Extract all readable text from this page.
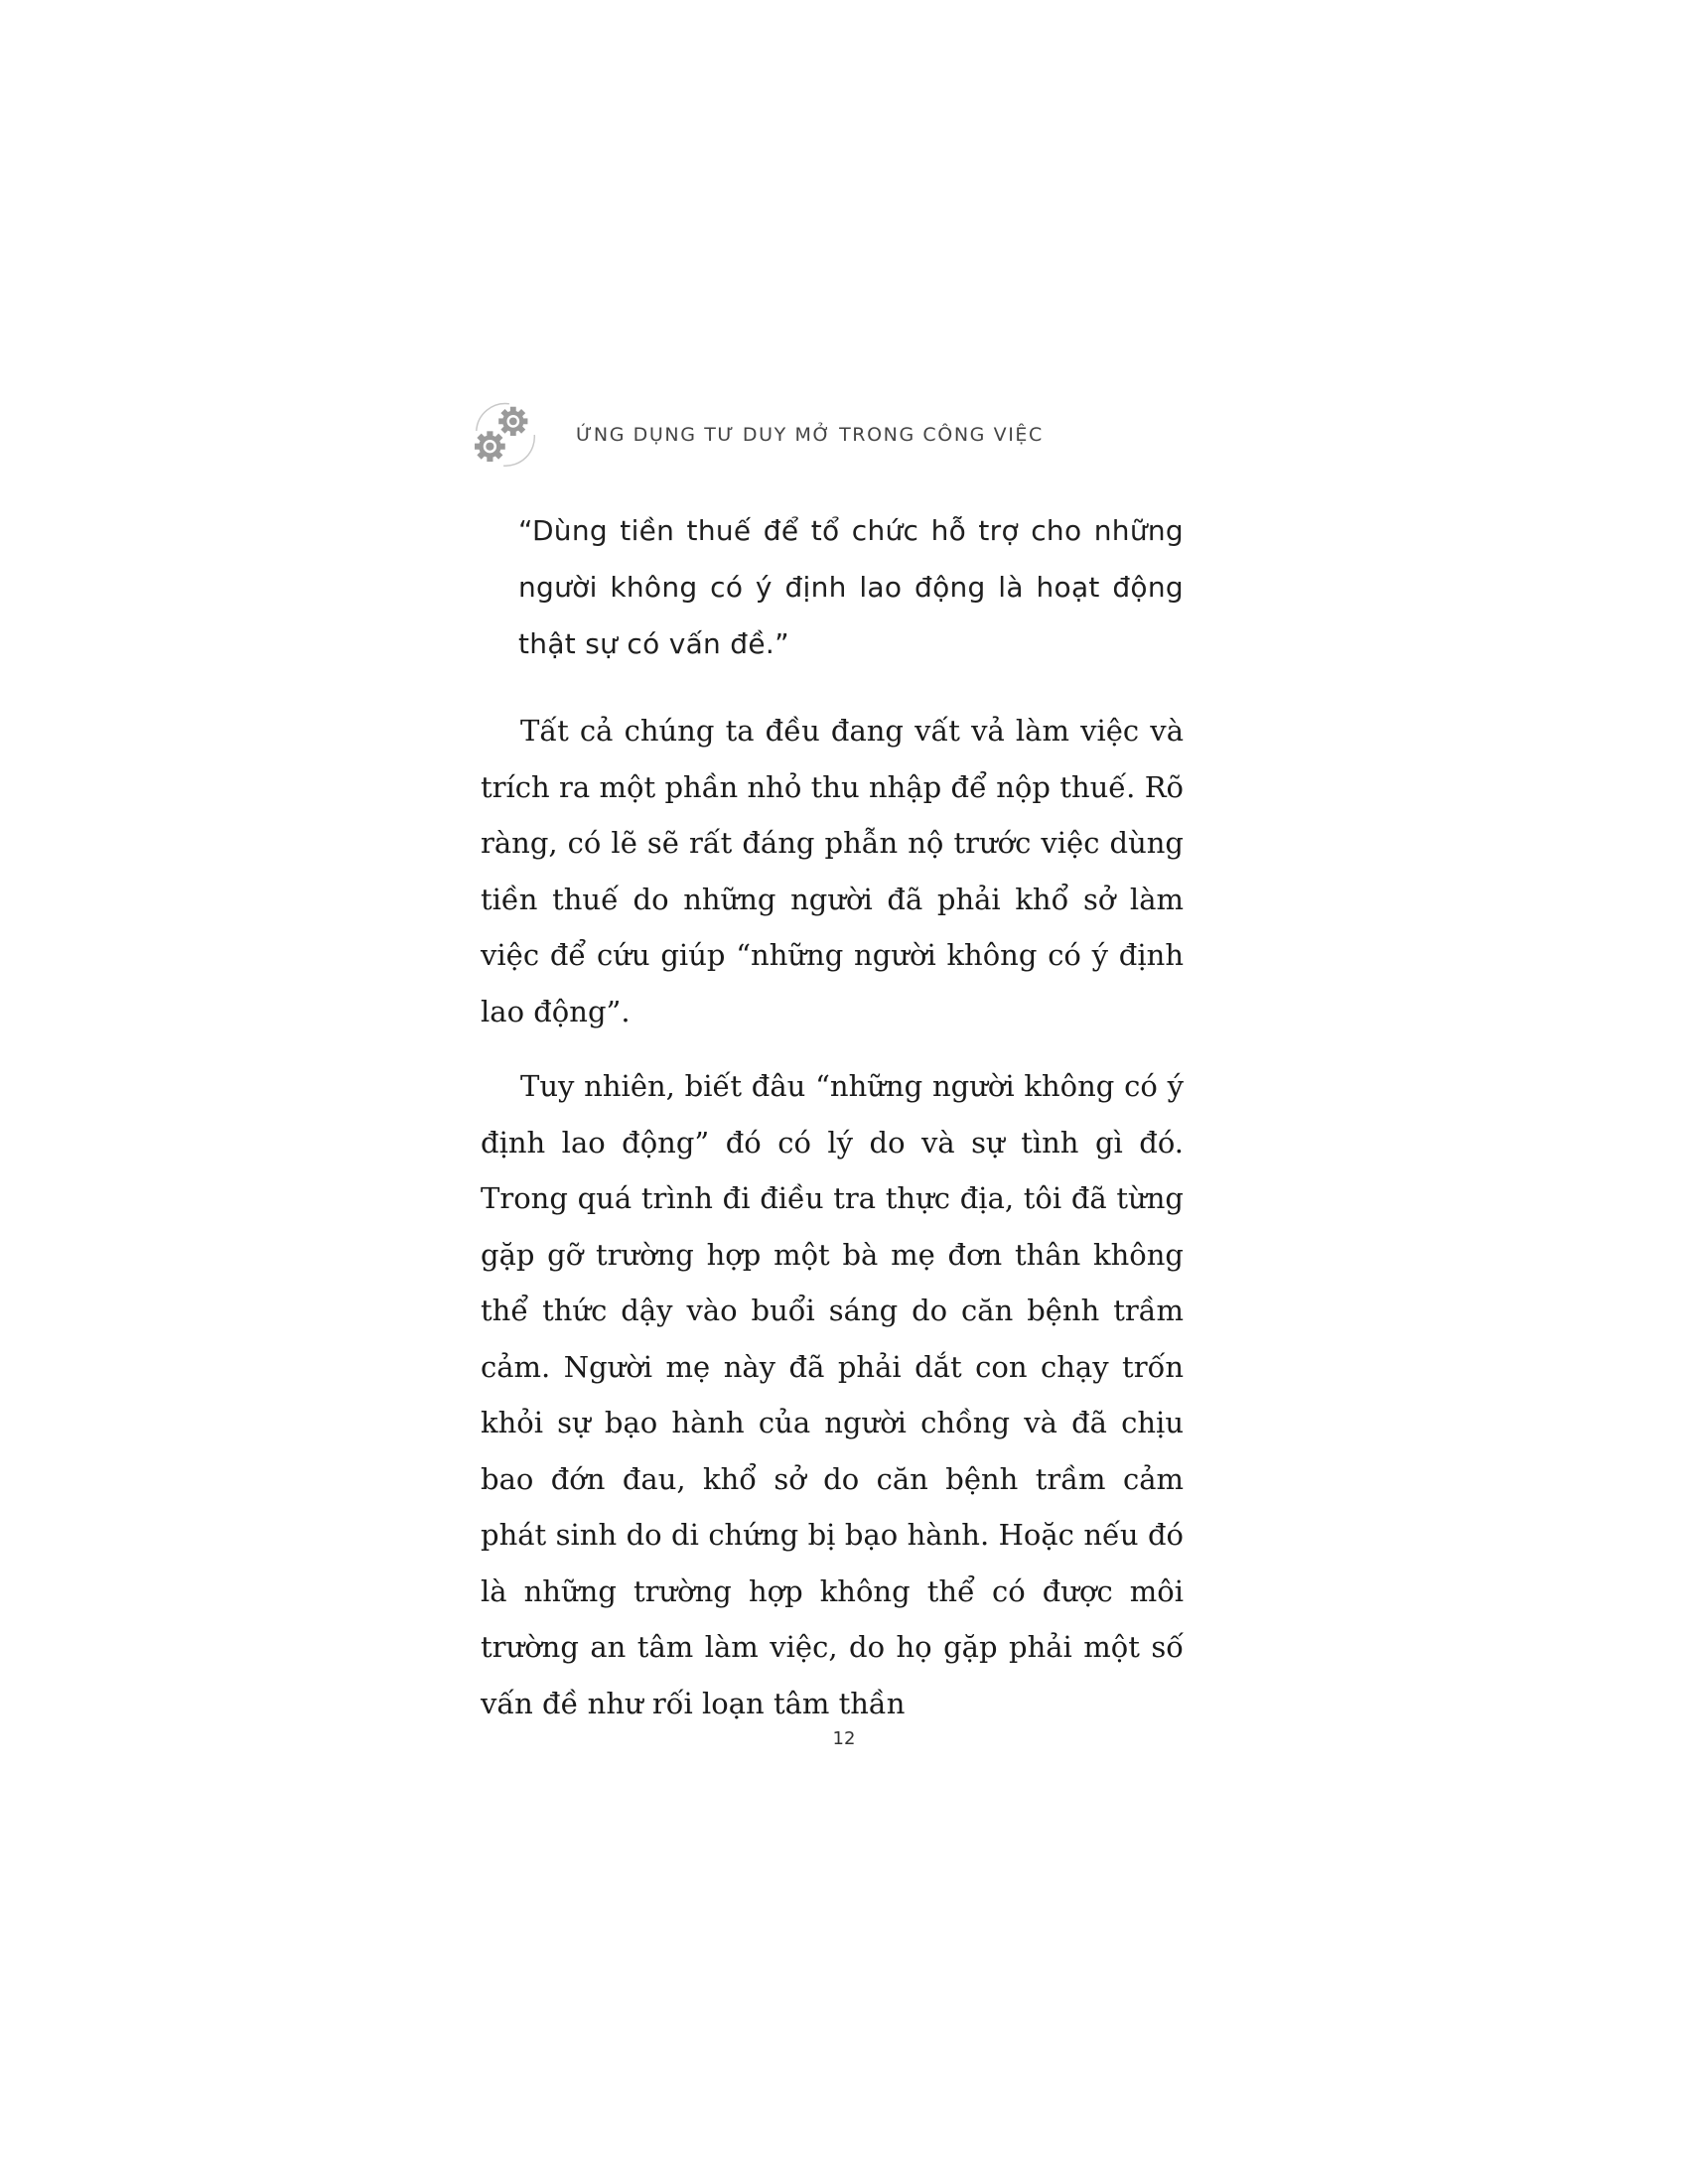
ỨNG DỤNG TƯ DUY MỞ TRONG CÔNG VIỆC
“Dùng tiền thuế để tổ chức hỗ trợ cho những người không có ý định lao động là hoạt động thật sự có vấn đề.”

Tất cả chúng ta đều đang vất vả làm việc và trích ra một phần nhỏ thu nhập để nộp thuế. Rõ ràng, có lẽ sẽ rất đáng phẫn nộ trước việc dùng tiền thuế do những người đã phải khổ sở làm việc để cứu giúp “những người không có ý định lao động”.

Tuy nhiên, biết đâu “những người không có ý định lao động” đó có lý do và sự tình gì đó. Trong quá trình đi điều tra thực địa, tôi đã từng gặp gỡ trường hợp một bà mẹ đơn thân không thể thức dậy vào buổi sáng do căn bệnh trầm cảm. Người mẹ này đã phải dắt con chạy trốn khỏi sự bạo hành của người chồng và đã chịu bao đớn đau, khổ sở do căn bệnh trầm cảm phát sinh do di chứng bị bạo hành. Hoặc nếu đó là những trường hợp không thể có được môi trường an tâm làm việc, do họ gặp phải một số vấn đề như rối loạn tâm thần

12
